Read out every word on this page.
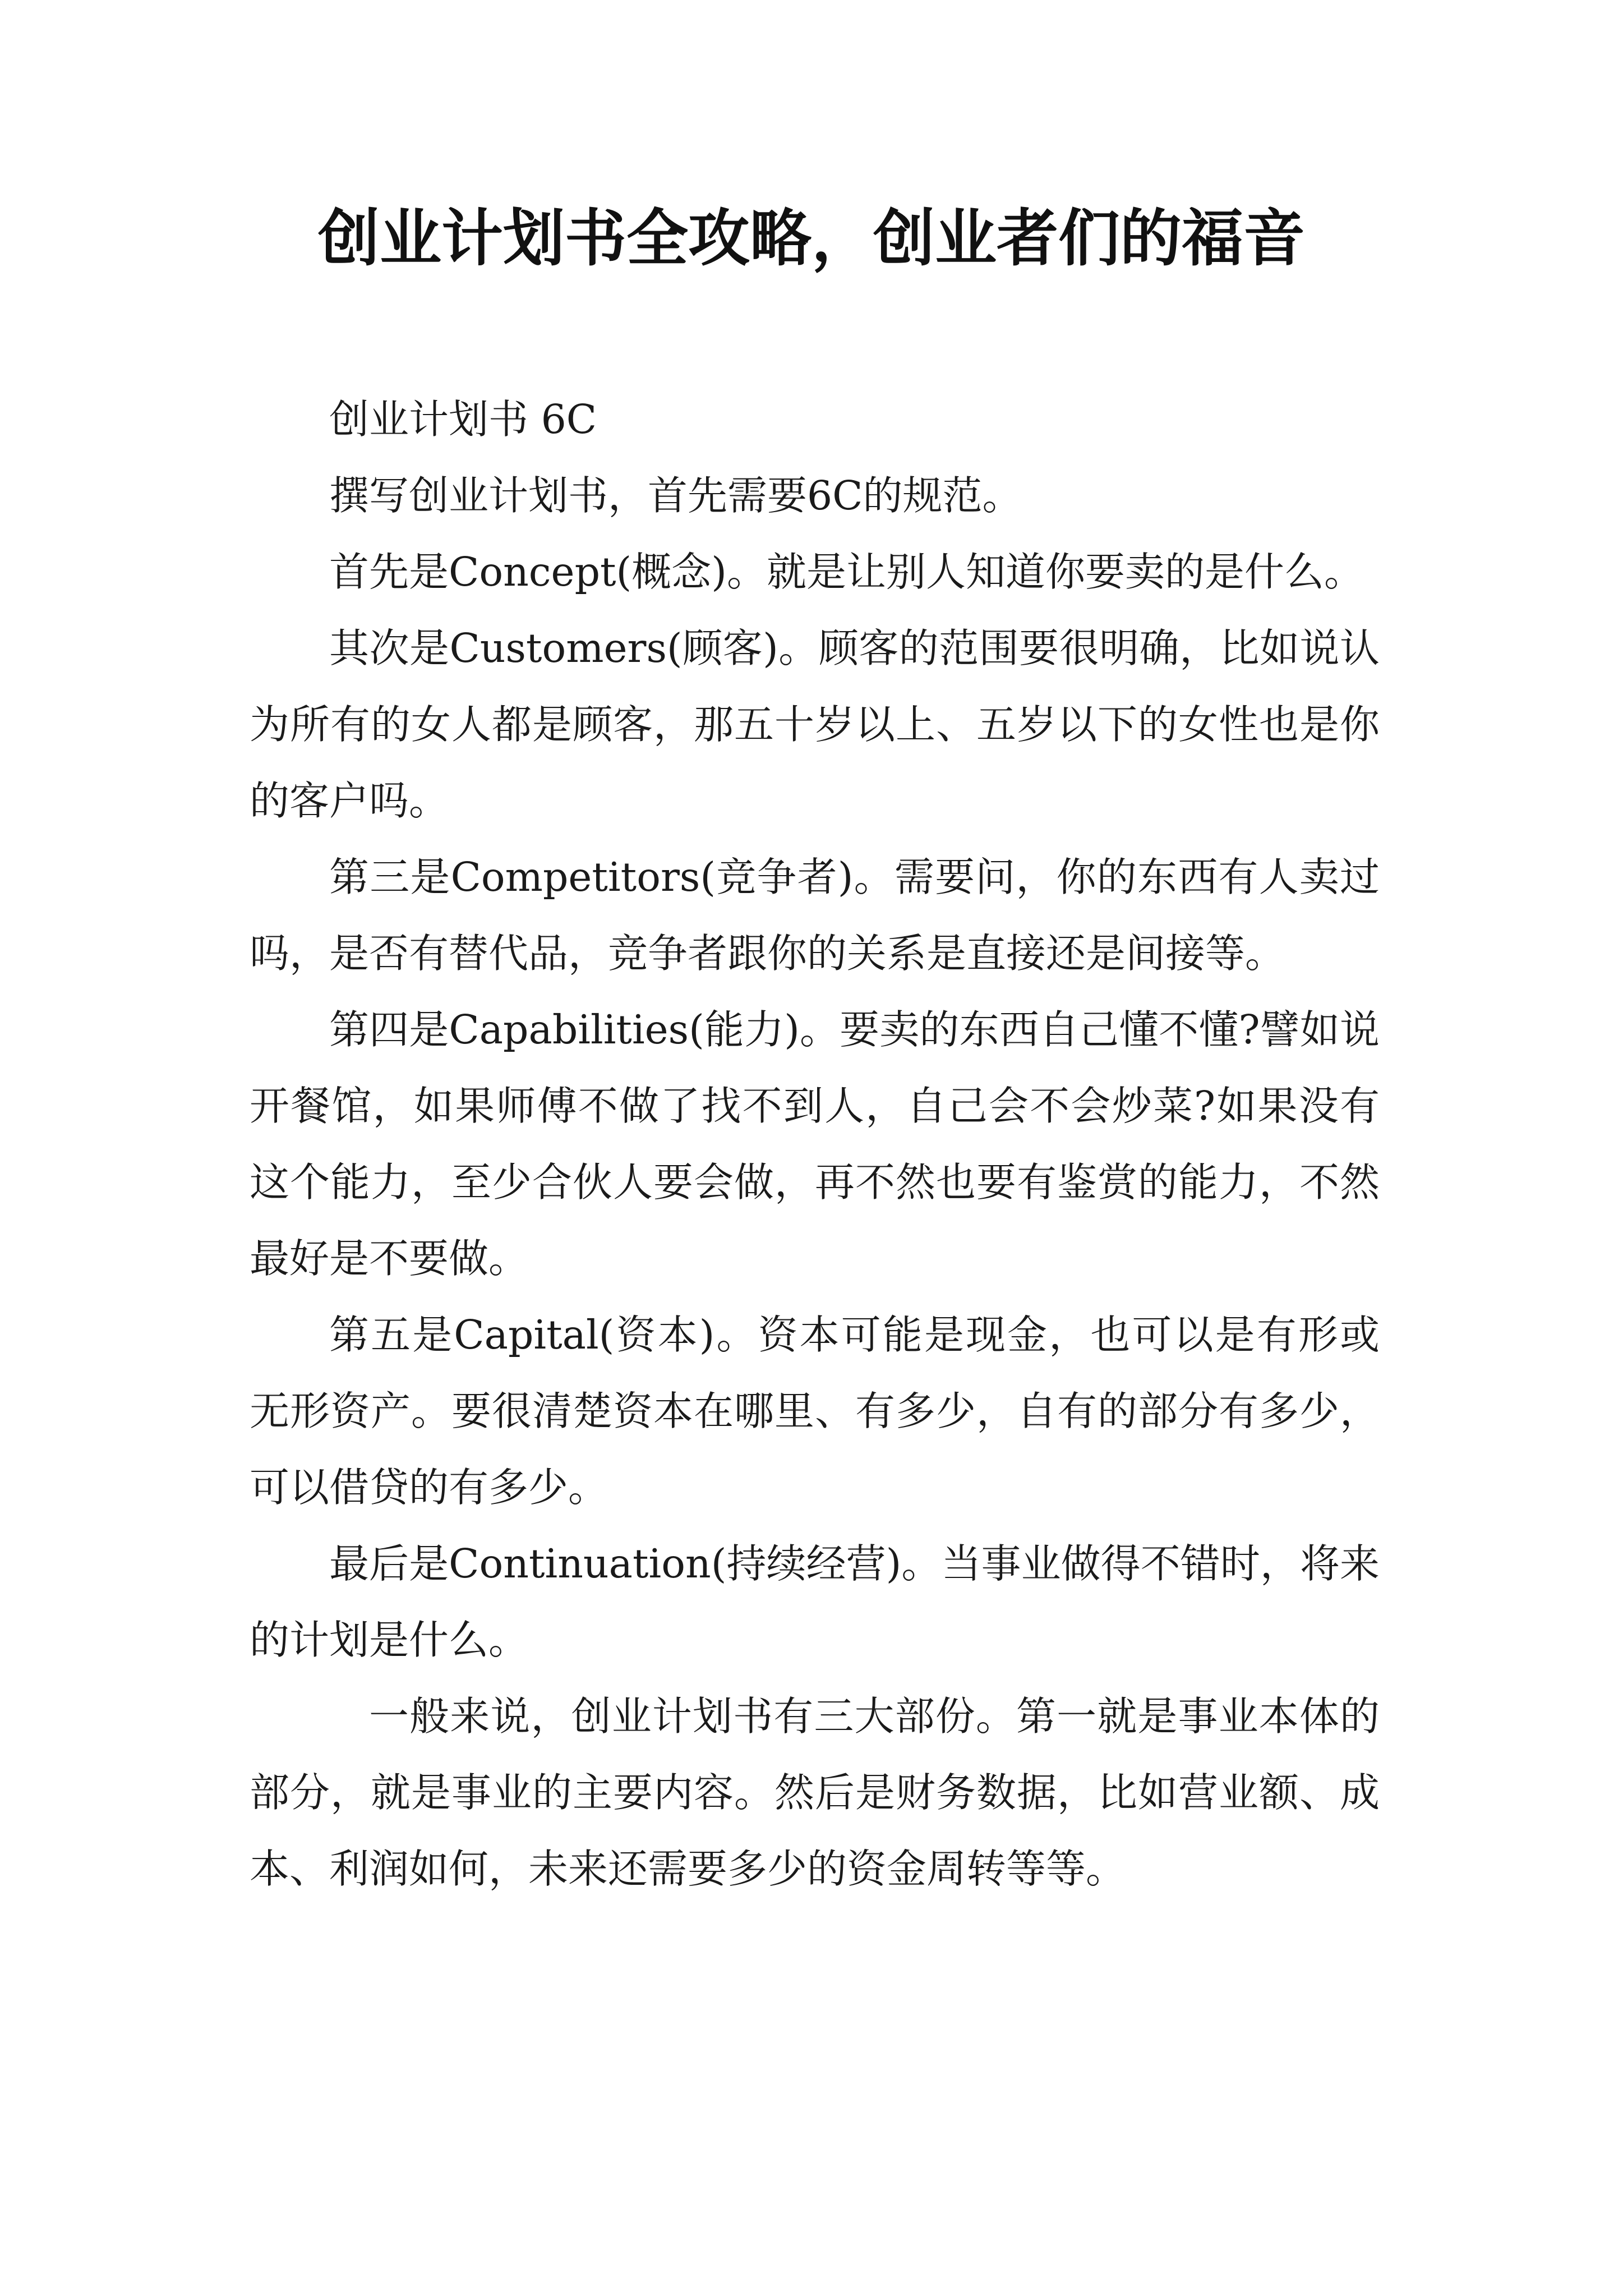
创业计划书全攻略，创业者们的福音

创业计划书 6C

撰写创业计划书，首先需要6C的规范。

首先是Concept(概念)。就是让别人知道你要卖的是什么。

其次是Customers(顾客)。顾客的范围要很明确，比如说认为所有的女人都是顾客，那五十岁以上、五岁以下的女性也是你的客户吗。

第三是Competitors(竞争者)。需要问，你的东西有人卖过吗，是否有替代品，竞争者跟你的关系是直接还是间接等。

第四是Capabilities(能力)。要卖的东西自己懂不懂?譬如说开餐馆，如果师傅不做了找不到人，自己会不会炒菜?如果没有这个能力，至少合伙人要会做，再不然也要有鉴赏的能力，不然最好是不要做。

第五是Capital(资本)。资本可能是现金，也可以是有形或无形资产。要很清楚资本在哪里、有多少，自有的部分有多少，可以借贷的有多少。

最后是Continuation(持续经营)。当事业做得不错时，将来的计划是什么。

一般来说，创业计划书有三大部份。第一就是事业本体的部分，就是事业的主要内容。然后是财务数据，比如营业额、成本、利润如何，未来还需要多少的资金周转等等。
